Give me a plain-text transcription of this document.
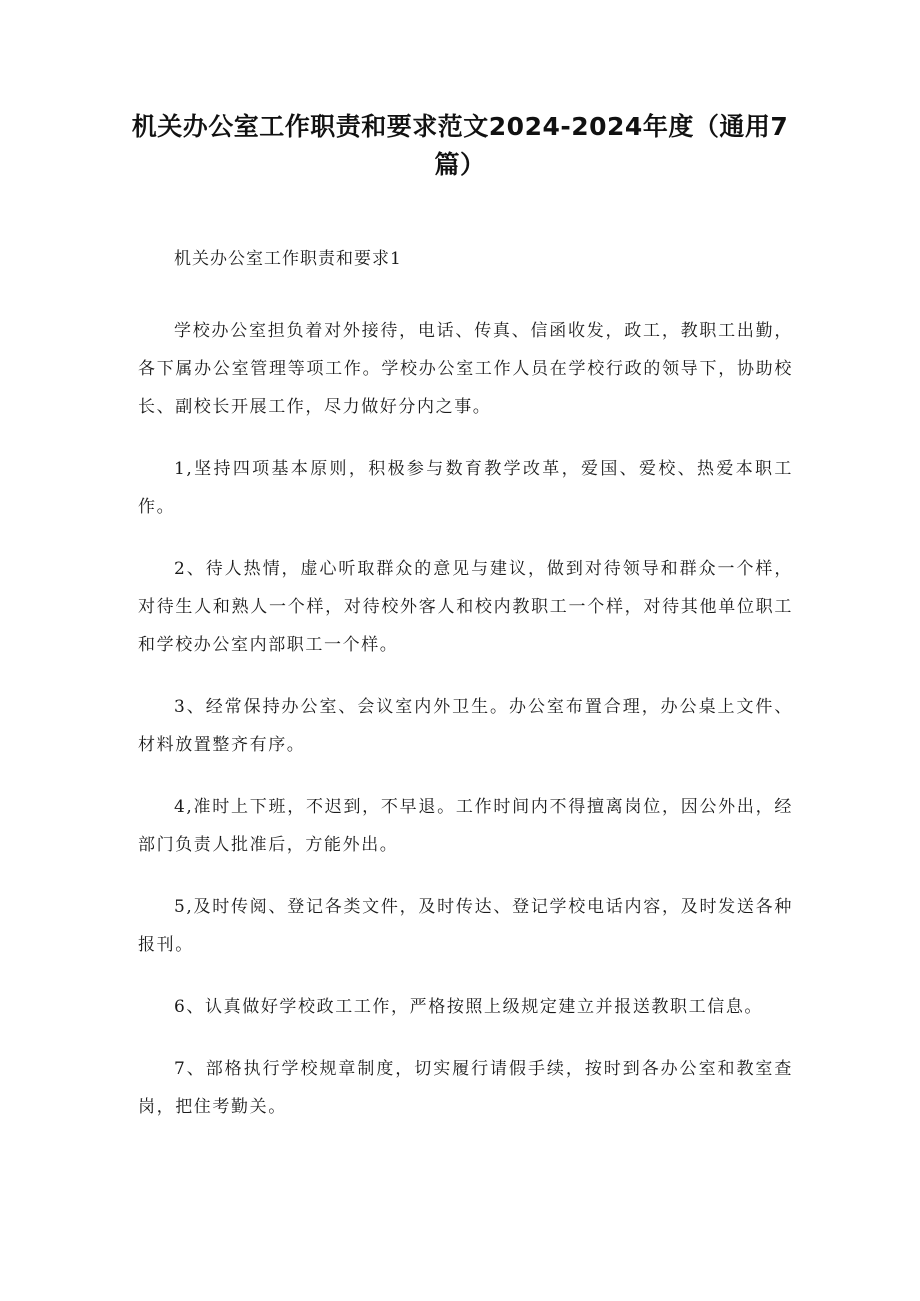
机关办公室工作职责和要求范文2024-2024年度（通用7篇）

机关办公室工作职责和要求1

学校办公室担负着对外接待，电话、传真、信函收发，政工，教职工出勤，各下属办公室管理等项工作。学校办公室工作人员在学校行政的领导下，协助校长、副校长开展工作，尽力做好分内之事。

1,坚持四项基本原则，积极参与数育教学改革，爱国、爱校、热爱本职工作。

2、待人热情，虚心听取群众的意见与建议，做到对待领导和群众一个样，对待生人和熟人一个样，对待校外客人和校内教职工一个样，对待其他单位职工和学校办公室内部职工一个样。

3、经常保持办公室、会议室内外卫生。办公室布置合理，办公桌上文件、材料放置整齐有序。

4,准时上下班，不迟到，不早退。工作时间内不得擅离岗位，因公外出，经部门负责人批准后，方能外出。

5,及时传阅、登记各类文件，及时传达、登记学校电话内容，及时发送各种报刊。

6、认真做好学校政工工作，严格按照上级规定建立并报送教职工信息。

7、部格执行学校规章制度，切实履行请假手续，按时到各办公室和教室查岗，把住考勤关。
